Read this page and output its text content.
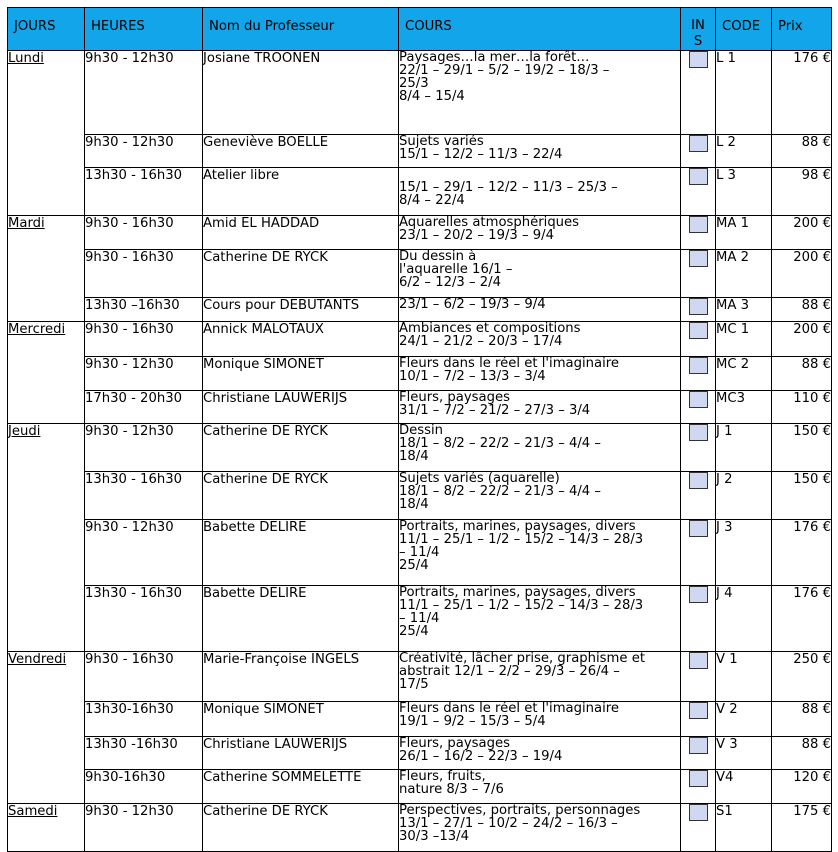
JOURS	HEURES	Nom du Professeur	COURS	IN
S	CODE	Prix
Lundi	9h30 - 12h30	Josiane TROONEN	Paysages…la mer…la forêt…
22/1 – 29/1 – 5/2 – 19/2 – 18/3 –
25/3
8/4 – 15/4		L 1	176 €
	9h30 - 12h30	Geneviève BOELLE	Sujets variés
15/1 – 12/2 – 11/3 – 22/4		L 2	88 €
	13h30 - 16h30	Atelier libre	15/1 – 29/1 – 12/2 – 11/3 – 25/3 –
8/4 – 22/4		L 3	98 €
Mardi	9h30 - 16h30	Amid EL HADDAD	Aquarelles atmosphériques
23/1 – 20/2 – 19/3 – 9/4		MA 1	200 €
	9h30 - 16h30	Catherine DE RYCK	Du dessin à
l'aquarelle 16/1 –
6/2 – 12/3 – 2/4		MA 2	200 €
	13h30 –16h30	Cours pour DEBUTANTS	23/1 – 6/2 – 19/3 – 9/4		MA 3	88 €
Mercredi	9h30 - 16h30	Annick MALOTAUX	Ambiances et compositions
24/1 – 21/2 – 20/3 – 17/4		MC 1	200 €
	9h30 - 12h30	Monique SIMONET	Fleurs dans le réel et l'imaginaire
10/1 – 7/2 – 13/3 – 3/4		MC 2	88 €
	17h30 - 20h30	Christiane LAUWERIJS	Fleurs, paysages
31/1 – 7/2 – 21/2 – 27/3 – 3/4		MC3	110 €
Jeudi	9h30 - 12h30	Catherine DE RYCK	Dessin
18/1 – 8/2 – 22/2 – 21/3 – 4/4 –
18/4		J 1	150 €
	13h30 - 16h30	Catherine DE RYCK	Sujets variés (aquarelle)
18/1 – 8/2 – 22/2 – 21/3 – 4/4 –
18/4		J 2	150 €
	9h30 - 12h30	Babette DELIRE	Portraits, marines, paysages, divers
11/1 – 25/1 – 1/2 – 15/2 – 14/3 – 28/3
– 11/4
25/4		J 3	176 €
	13h30 - 16h30	Babette DELIRE	Portraits, marines, paysages, divers
11/1 – 25/1 – 1/2 – 15/2 – 14/3 – 28/3
– 11/4
25/4		J 4	176 €
Vendredi	9h30 - 16h30	Marie-Françoise INGELS	Créativité, lâcher prise, graphisme et
abstrait 12/1 – 2/2 – 29/3 – 26/4 –
17/5		V 1	250 €
	13h30-16h30	Monique SIMONET	Fleurs dans le réel et l'imaginaire
19/1 – 9/2 – 15/3 – 5/4		V 2	88 €
	13h30 -16h30	Christiane LAUWERIJS	Fleurs, paysages
26/1 – 16/2 – 22/3 – 19/4		V 3	88 €
	9h30-16h30	Catherine SOMMELETTE	Fleurs, fruits,
nature 8/3 – 7/6		V4	120 €
Samedi	9h30 - 12h30	Catherine DE RYCK	Perspectives, portraits, personnages
13/1 – 27/1 – 10/2 – 24/2 – 16/3 –
30/3 –13/4		S1	175 €
